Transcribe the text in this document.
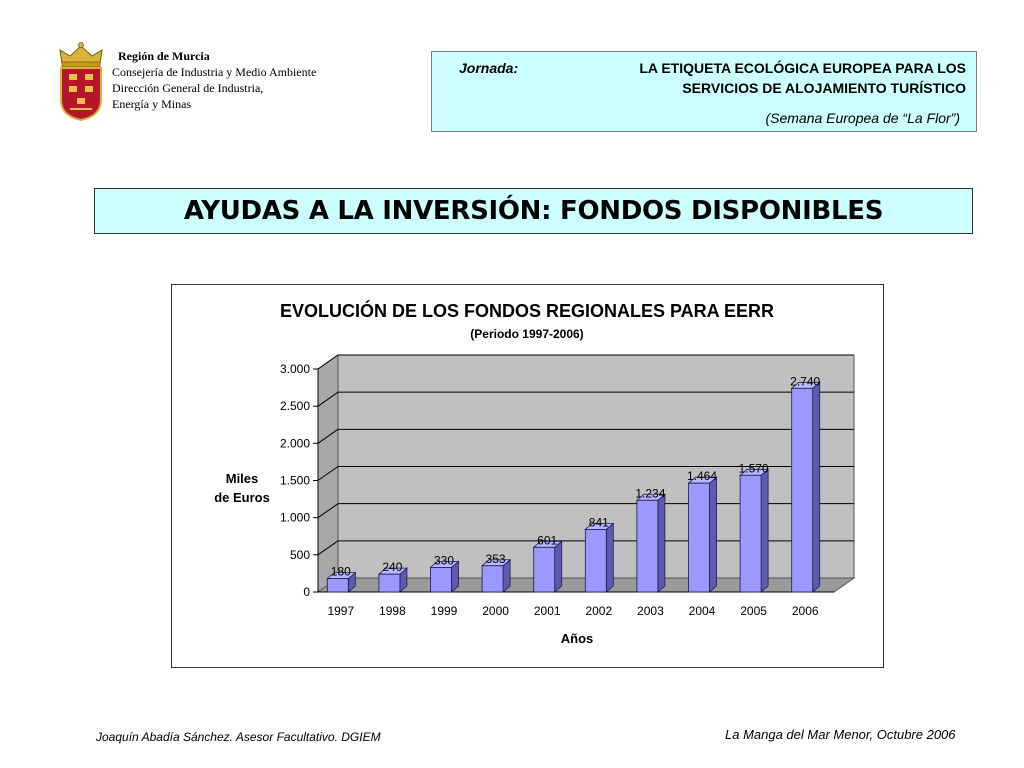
Región de Murcia
Consejería de Industria y Medio Ambiente
Dirección General de Industria,
Energía y Minas
Jornada:	LA ETIQUETA ECOLÓGICA EUROPEA PARA LOS
SERVICIOS DE ALOJAMIENTO TURÍSTICO
(Semana Europea de “La Flor”)
AYUDAS A LA INVERSIÓN: FONDOS DISPONIBLES
EVOLUCIÓN DE LOS FONDOS REGIONALES PARA EERR
(Periodo 1997-2006)
Miles
de Euros
Años
0
500
1.000
1.500
2.000
2.500
3.000
180
1997
240
1998
330
1999
353
2000
601
2001
841
2002
1.234
2003
1.464
2004
1.570
2005
2.740
2006
Joaquín Abadía Sánchez. Asesor Facultativo. DGIEM	La Manga del Mar Menor, Octubre 2006
